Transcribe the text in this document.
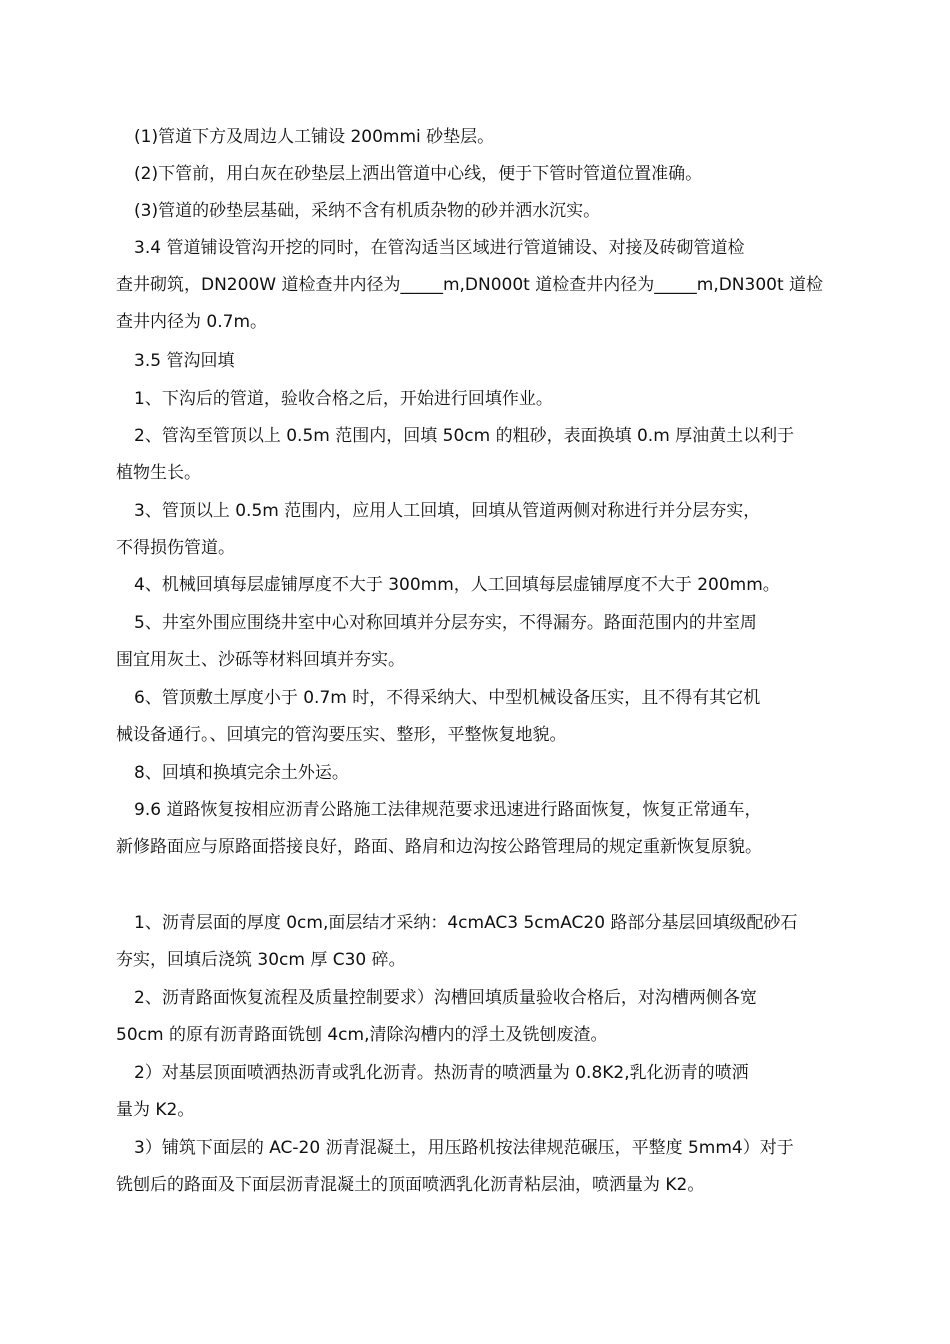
(1)管道下方及周边人工铺设 200mmi 砂垫层。
(2)下管前，用白灰在砂垫层上洒出管道中心线，便于下管时管道位置准确。
(3)管道的砂垫层基础，采纳不含有机质杂物的砂并洒水沉实。
3.4 管道铺设管沟开挖的同时，在管沟适当区域进行管道铺设、对接及砖砌管道检
查井砌筑，DN200W 道检查井内径为_____m,DN000t 道检查井内径为_____m,DN300t 道检
查井内径为 0.7m。
3.5 管沟回填
1、下沟后的管道，验收合格之后，开始进行回填作业。
2、管沟至管顶以上 0.5m 范围内，回填 50cm 的粗砂，表面换填 0.m 厚油黄土以利于
植物生长。
3、管顶以上 0.5m 范围内，应用人工回填，回填从管道两侧对称进行并分层夯实，
不得损伤管道。
4、机械回填每层虚铺厚度不大于 300mm，人工回填每层虚铺厚度不大于 200mm。
5、井室外围应围绕井室中心对称回填并分层夯实，不得漏夯。路面范围内的井室周
围宜用灰土、沙砾等材料回填并夯实。
6、管顶敷土厚度小于 0.7m 时，不得采纳大、中型机械设备压实，且不得有其它机
械设备通行。、回填完的管沟要压实、整形，平整恢复地貌。
8、回填和换填完余土外运。
9.6 道路恢复按相应沥青公路施工法律规范要求迅速进行路面恢复，恢复正常通车，
新修路面应与原路面搭接良好，路面、路肩和边沟按公路管理局的规定重新恢复原貌。
1、沥青层面的厚度 0cm,面层结才采纳：4cmAC3 5cmAC20 路部分基层回填级配砂石
夯实，回填后浇筑 30cm 厚 C30 碎。
2、沥青路面恢复流程及质量控制要求）沟槽回填质量验收合格后，对沟槽两侧各宽
50cm 的原有沥青路面铣刨 4cm,清除沟槽内的浮土及铣刨废渣。
2）对基层顶面喷洒热沥青或乳化沥青。热沥青的喷洒量为 0.8K2,乳化沥青的喷洒
量为 K2。
3）铺筑下面层的 AC-20 沥青混凝土，用压路机按法律规范碾压，平整度 5mm4）对于
铣刨后的路面及下面层沥青混凝土的顶面喷洒乳化沥青粘层油，喷洒量为 K2。
